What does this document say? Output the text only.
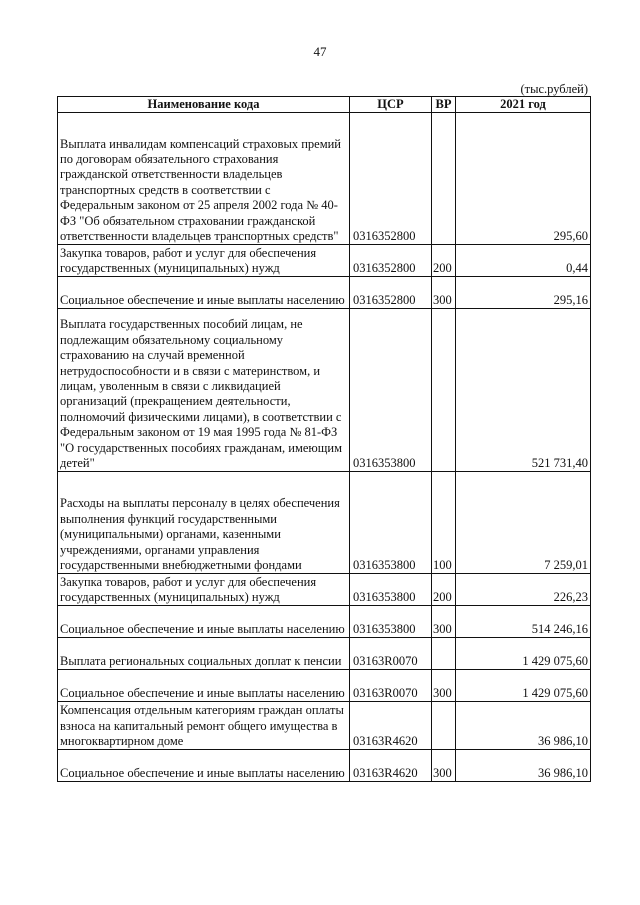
47
(тыс.рублей)
Наименование кода	ЦСР	ВР	2021 год
Выплата инвалидам компенсаций страховых премий по договорам обязательного страхования гражданской ответственности владельцев транспортных средств в соответствии с Федеральным законом от 25 апреля 2002 года № 40-ФЗ "Об обязательном страховании гражданской ответственности владельцев транспортных средств"	0316352800		295,60
Закупка товаров, работ и услуг для обеспечения государственных (муниципальных) нужд	0316352800	200	0,44
Социальное обеспечение и иные выплаты населению	0316352800	300	295,16
Выплата государственных пособий лицам, не подлежащим обязательному социальному страхованию на случай временной нетрудоспособности и в связи с материнством, и лицам, уволенным в связи с ликвидацией организаций (прекращением деятельности, полномочий физическими лицами), в соответствии с Федеральным законом от 19 мая 1995 года № 81-ФЗ "О государственных пособиях гражданам, имеющим детей"	0316353800		521 731,40
Расходы на выплаты персоналу в целях обеспечения выполнения функций государственными (муниципальными) органами, казенными учреждениями, органами управления государственными внебюджетными фондами	0316353800	100	7 259,01
Закупка товаров, работ и услуг для обеспечения государственных (муниципальных) нужд	0316353800	200	226,23
Социальное обеспечение и иные выплаты населению	0316353800	300	514 246,16
Выплата региональных социальных доплат к пенсии	03163R0070		1 429 075,60
Социальное обеспечение и иные выплаты населению	03163R0070	300	1 429 075,60
Компенсация отдельным категориям граждан оплаты взноса на капитальный ремонт общего имущества в многоквартирном доме	03163R4620		36 986,10
Социальное обеспечение и иные выплаты населению	03163R4620	300	36 986,10
